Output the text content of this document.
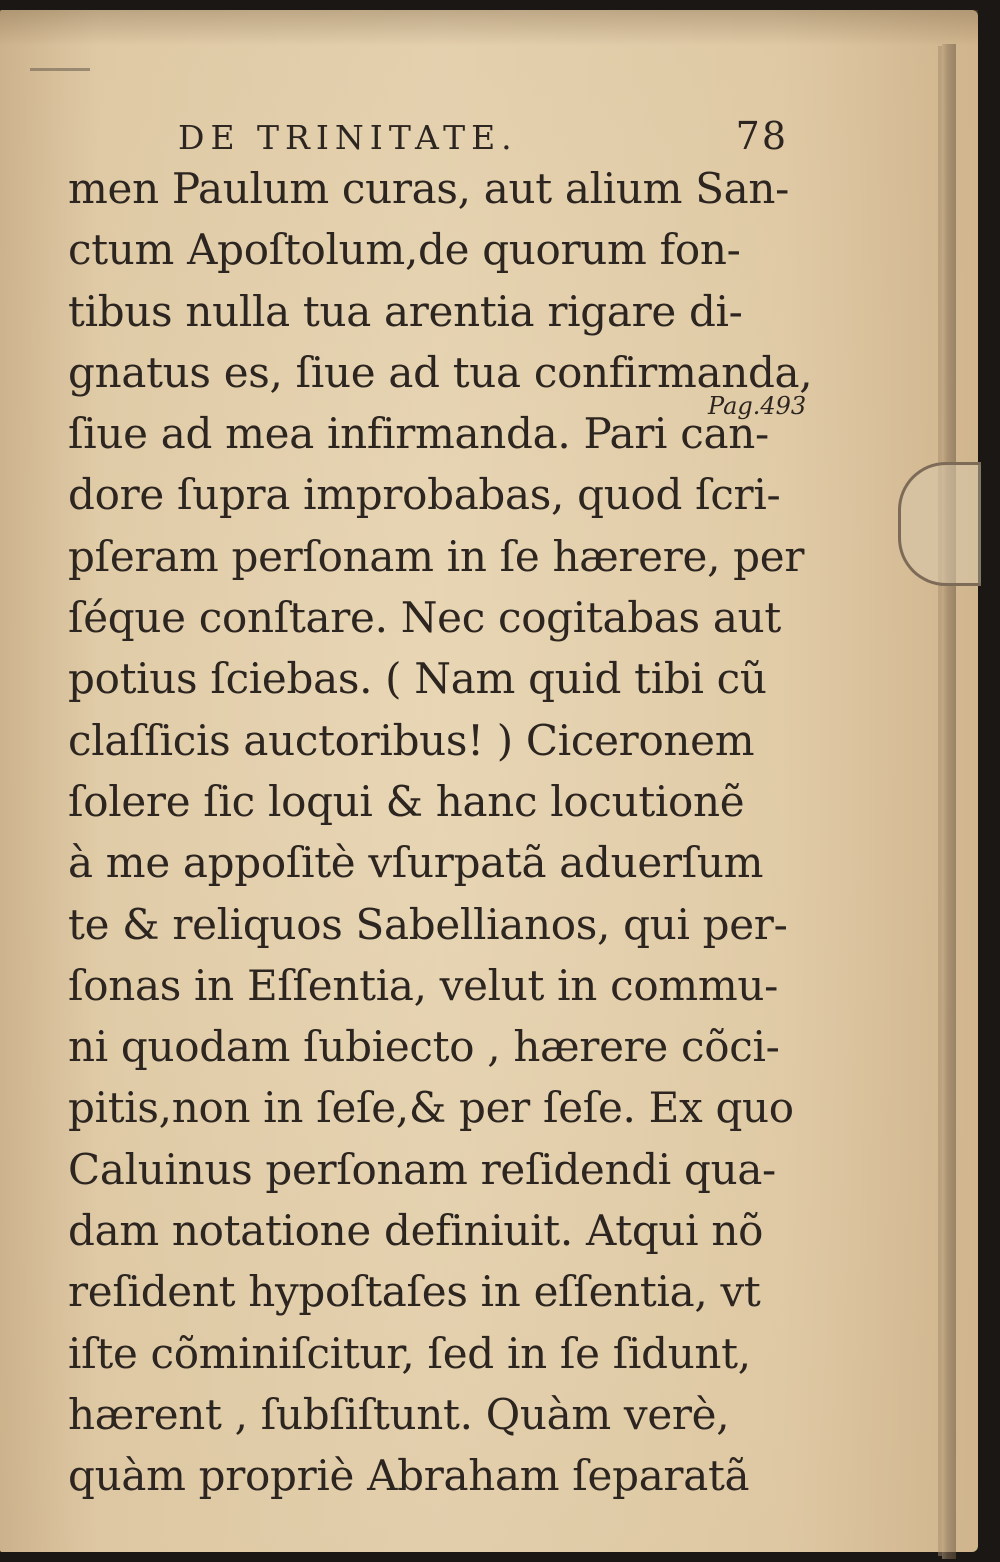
DE TRINITATE.	78
men Paulum curas, aut alium San-
ctum Apoſtolum,de quorum fon-
tibus nulla tua arentia rigare di-
gnatus es, ſiue ad tua confirmanda,
ſiue ad mea infirmanda. Pari can-
dore ſupra improbabas, quod ſcri-
pſeram perſonam in ſe hærere, per
ſéque conſtare. Nec cogitabas aut
potius ſciebas. ( Nam quid tibi cũ
claſſicis auctoribus! ) Ciceronem
ſolere ſic loqui & hanc locutionẽ
à me appoſitè vſurpatã aduerſum
te & reliquos Sabellianos, qui per-
ſonas in Eſſentia, velut in commu-
ni quodam ſubiecto , hærere cõci-
pitis,non in ſeſe,& per ſeſe. Ex quo
Caluinus perſonam reſidendi qua-
dam notatione definiuit. Atqui nõ
reſident hypoſtaſes in eſſentia, vt
iſte cõminiſcitur, ſed in ſe ſidunt,
hærent , ſubſiſtunt. Quàm verè,
quàm propriè Abraham ſeparatã
Pag.493
